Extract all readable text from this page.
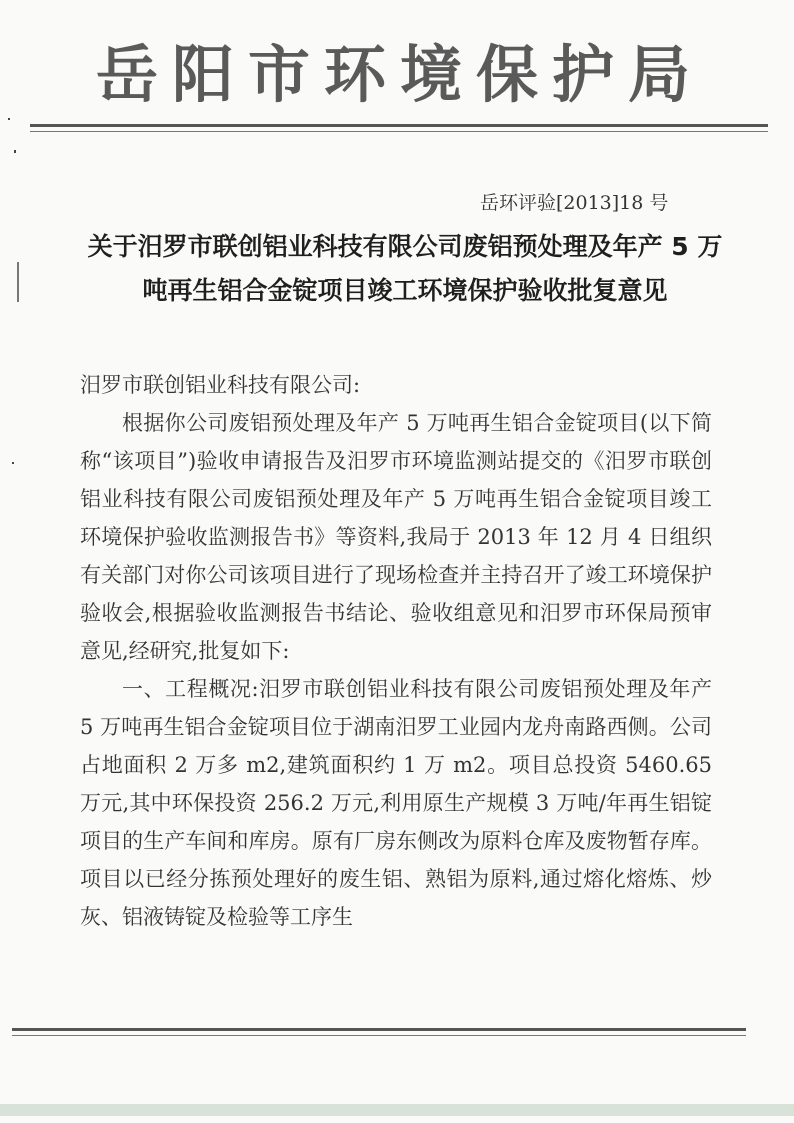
岳阳市环境保护局
岳环评验[2013]18 号
关于汨罗市联创铝业科技有限公司废铝预处理及年产 5 万吨再生铝合金锭项目竣工环境保护验收批复意见

汨罗市联创铝业科技有限公司:

根据你公司废铝预处理及年产 5 万吨再生铝合金锭项目(以下简称“该项目”)验收申请报告及汨罗市环境监测站提交的《汨罗市联创铝业科技有限公司废铝预处理及年产 5 万吨再生铝合金锭项目竣工环境保护验收监测报告书》等资料,我局于 2013 年 12 月 4 日组织有关部门对你公司该项目进行了现场检查并主持召开了竣工环境保护验收会,根据验收监测报告书结论、验收组意见和汨罗市环保局预审意见,经研究,批复如下:

一、工程概况:汨罗市联创铝业科技有限公司废铝预处理及年产 5 万吨再生铝合金锭项目位于湖南汨罗工业园内龙舟南路西侧。公司占地面积 2 万多 m2,建筑面积约 1 万 m2。项目总投资 5460.65 万元,其中环保投资 256.2 万元,利用原生产规模 3 万吨/年再生铝锭项目的生产车间和库房。原有厂房东侧改为原料仓库及废物暂存库。项目以已经分拣预处理好的废生铝、熟铝为原料,通过熔化熔炼、炒灰、铝液铸锭及检验等工序生
